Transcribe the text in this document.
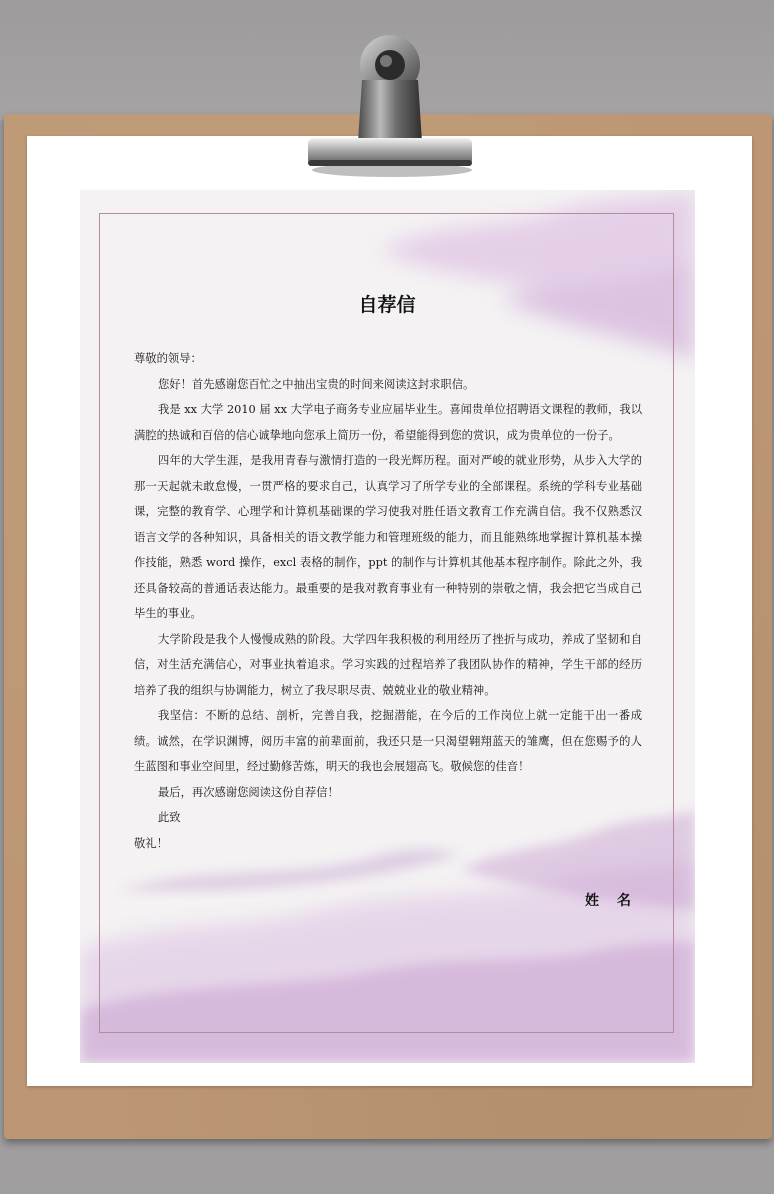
自荐信

尊敬的领导：

您好！首先感谢您百忙之中抽出宝贵的时间来阅读这封求职信。

我是 xx 大学 2010 届 xx 大学电子商务专业应届毕业生。喜闻贵单位招聘语文课程的教师，我以满腔的热诚和百倍的信心诚挚地向您承上简历一份，希望能得到您的赏识，成为贵单位的一份子。

四年的大学生涯，是我用青春与激情打造的一段光辉历程。面对严峻的就业形势，从步入大学的那一天起就未敢怠慢，一贯严格的要求自己，认真学习了所学专业的全部课程。系统的学科专业基础课，完整的教育学、心理学和计算机基础课的学习使我对胜任语文教育工作充满自信。我不仅熟悉汉语言文学的各种知识，具备相关的语文教学能力和管理班级的能力，而且能熟练地掌握计算机基本操作技能，熟悉 word 操作，excl 表格的制作，ppt 的制作与计算机其他基本程序制作。除此之外，我还具备较高的普通话表达能力。最重要的是我对教育事业有一种特别的崇敬之情，我会把它当成自己毕生的事业。

大学阶段是我个人慢慢成熟的阶段。大学四年我积极的利用经历了挫折与成功，养成了坚韧和自信，对生活充满信心，对事业执着追求。学习实践的过程培养了我团队协作的精神，学生干部的经历培养了我的组织与协调能力，树立了我尽职尽责、兢兢业业的敬业精神。

我坚信：不断的总结、剖析，完善自我，挖掘潜能，在今后的工作岗位上就一定能干出一番成绩。诚然，在学识渊博，阅历丰富的前辈面前，我还只是一只渴望翱翔蓝天的雏鹰，但在您赐予的人生蓝图和事业空间里，经过勤修苦炼，明天的我也会展翅高飞。敬候您的佳音！

最后，再次感谢您阅读这份自荐信！

此致

敬礼！

姓名
